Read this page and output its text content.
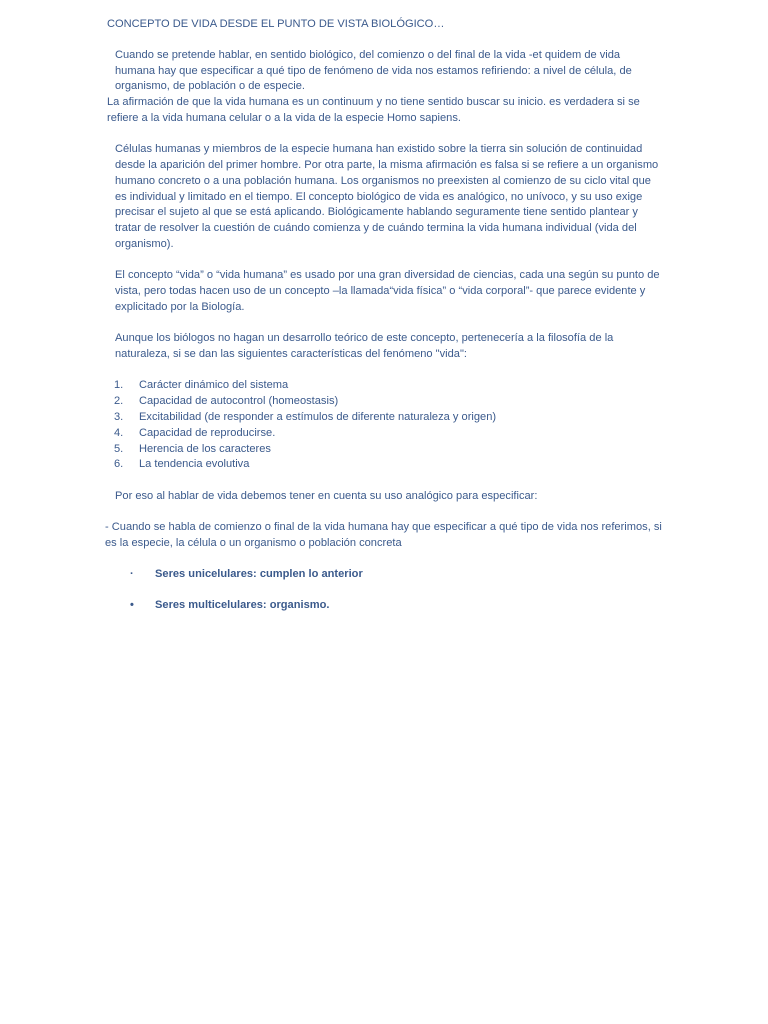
CONCEPTO DE VIDA DESDE EL PUNTO DE VISTA BIOLÓGICO…
Cuando se pretende hablar, en sentido biológico, del comienzo o del final de la vida -et quidem de vida humana hay que especificar a qué tipo de fenómeno de vida nos estamos refiriendo: a nivel de célula, de organismo, de población o de especie.
La afirmación de que la vida humana es un continuum y no tiene sentido buscar su inicio. es verdadera si se refiere a la vida humana celular o a la vida de la especie Homo sapiens.
Células humanas y miembros de la especie humana han existido sobre la tierra sin solución de continuidad desde la aparición del primer hombre. Por otra parte, la misma afirmación es falsa si se refiere a un organismo humano concreto o a una población humana. Los organismos no preexisten al comienzo de su ciclo vital que es individual y limitado en el tiempo. El concepto biológico de vida es analógico, no unívoco, y su uso exige precisar el sujeto al que se está aplicando. Biológicamente hablando seguramente tiene sentido plantear y tratar de resolver la cuestión de cuándo comienza y de cuándo termina la vida humana individual (vida del organismo).
El concepto “vida” o “vida humana” es usado por una gran diversidad de ciencias, cada una según su punto de vista, pero todas hacen uso de un concepto –la llamada“vida física” o “vida corporal”- que parece evidente y explicitado por la Biología.
Aunque los biólogos no hagan un desarrollo teórico de este concepto, pertenecería a la filosofía de la naturaleza, si se dan las siguientes características del fenómeno "vida":
1. Carácter dinámico del sistema
2. Capacidad de autocontrol (homeostasis)
3. Excitabilidad (de responder a estímulos de diferente naturaleza y origen)
4. Capacidad de reproducirse.
5. Herencia de los caracteres
6. La tendencia evolutiva
Por eso al hablar de vida debemos tener en cuenta su uso analógico para especificar:
- Cuando se habla de comienzo o final de la vida humana hay que especificar a qué tipo de vida nos referimos, si es la especie, la célula o un organismo o población concreta
· Seres unicelulares: cumplen lo anterior
• Seres multicelulares: organismo.
